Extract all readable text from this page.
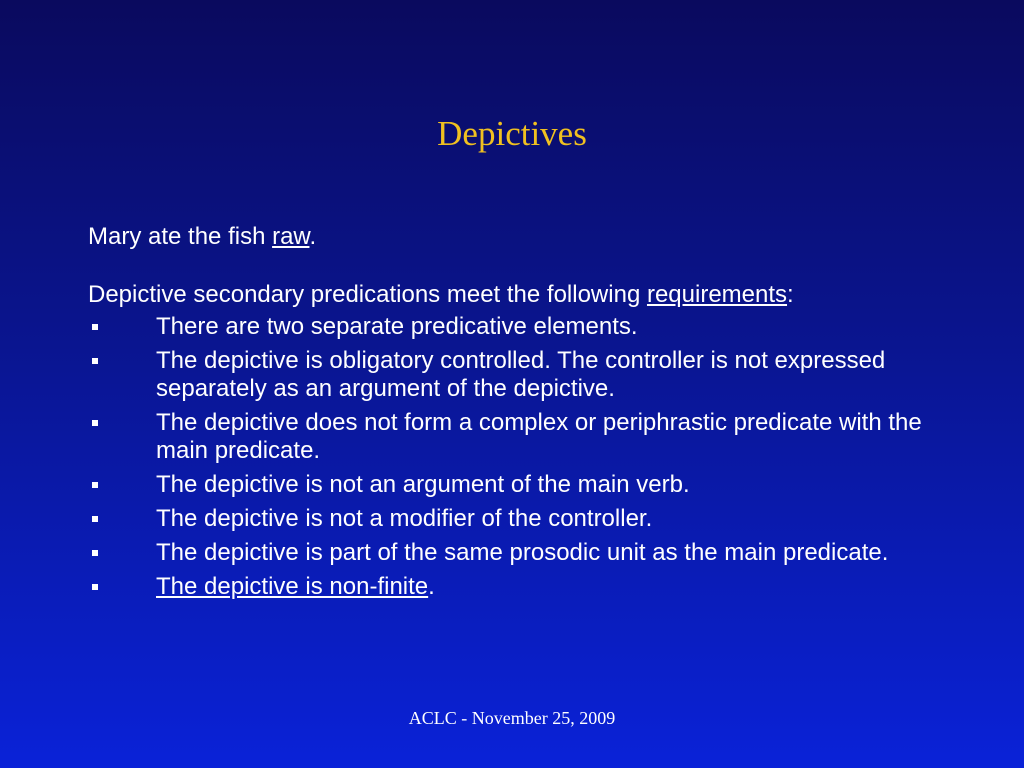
Depictives

Mary ate the fish raw.

Depictive secondary predications meet the following requirements:

There are two separate predicative elements.
The depictive is obligatory controlled. The controller is not expressed separately as an argument of the depictive.
The depictive does not form a complex or periphrastic predicate with the main predicate.
The depictive is not an argument of the main verb.
The depictive is not a modifier of the controller.
The depictive is part of the same prosodic unit as the main predicate.
The depictive is non-finite.
ACLC - November 25, 2009
